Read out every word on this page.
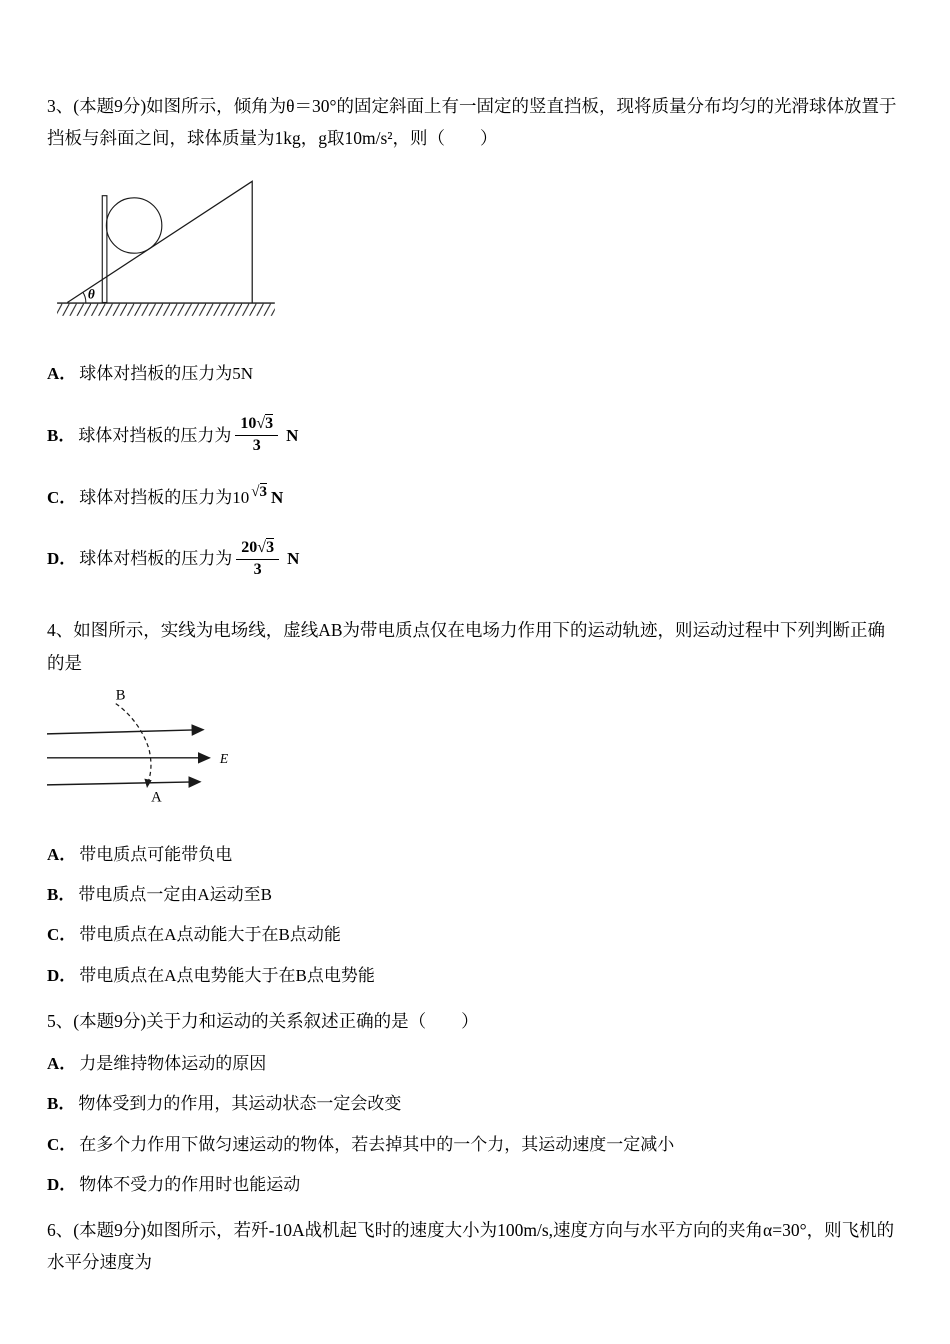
3、(本题9分)如图所示，倾角为θ＝30°的固定斜面上有一固定的竖直挡板，现将质量分布均匀的光滑球体放置于挡板与斜面之间，球体质量为1kg，g取10m/s²，则（　　）

θ
A． 球体对挡板的压力为5N
B． 球体对挡板的压力为 $\frac{10√3}{3}$ N
C． 球体对挡板的压力为10 √3 N
D． 球体对档板的压力为 $\frac{20√3}{3}$ N

4、如图所示，实线为电场线，虚线AB为带电质点仅在电场力作用下的运动轨迹，则运动过程中下列判断正确的是

B
A
E
A． 带电质点可能带负电
B． 带电质点一定由A运动至B
C． 带电质点在A点动能大于在B点动能
D． 带电质点在A点电势能大于在B点电势能

5、(本题9分)关于力和运动的关系叙述正确的是（　　）

A． 力是维持物体运动的原因
B． 物体受到力的作用，其运动状态一定会改变
C． 在多个力作用下做匀速运动的物体，若去掉其中的一个力，其运动速度一定减小
D． 物体不受力的作用时也能运动

6、(本题9分)如图所示，若歼-10A战机起飞时的速度大小为100m/s,速度方向与水平方向的夹角α=30°，则飞机的水平分速度为
